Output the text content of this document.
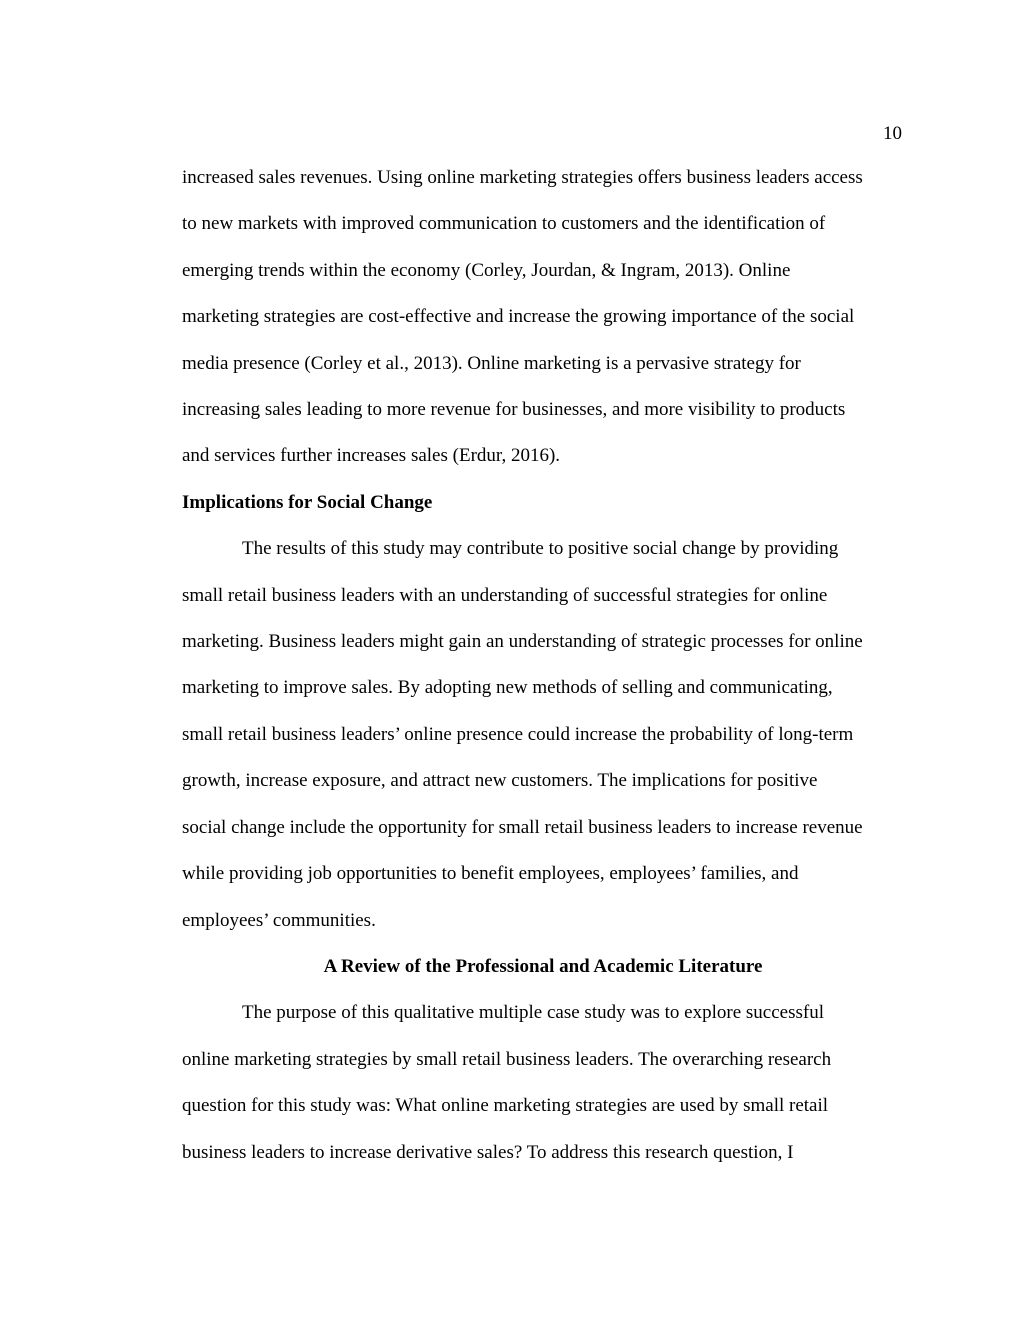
10
increased sales revenues. Using online marketing strategies offers business leaders access
to new markets with improved communication to customers and the identification of
emerging trends within the economy (Corley, Jourdan, & Ingram, 2013). Online
marketing strategies are cost-effective and increase the growing importance of the social
media presence (Corley et al., 2013). Online marketing is a pervasive strategy for
increasing sales leading to more revenue for businesses, and more visibility to products
and services further increases sales (Erdur, 2016).
Implications for Social Change
The results of this study may contribute to positive social change by providing
small retail business leaders with an understanding of successful strategies for online
marketing. Business leaders might gain an understanding of strategic processes for online
marketing to improve sales. By adopting new methods of selling and communicating,
small retail business leaders’ online presence could increase the probability of long-term
growth, increase exposure, and attract new customers. The implications for positive
social change include the opportunity for small retail business leaders to increase revenue
while providing job opportunities to benefit employees, employees’ families, and
employees’ communities.
A Review of the Professional and Academic Literature
The purpose of this qualitative multiple case study was to explore successful
online marketing strategies by small retail business leaders. The overarching research
question for this study was: What online marketing strategies are used by small retail
business leaders to increase derivative sales? To address this research question, I
